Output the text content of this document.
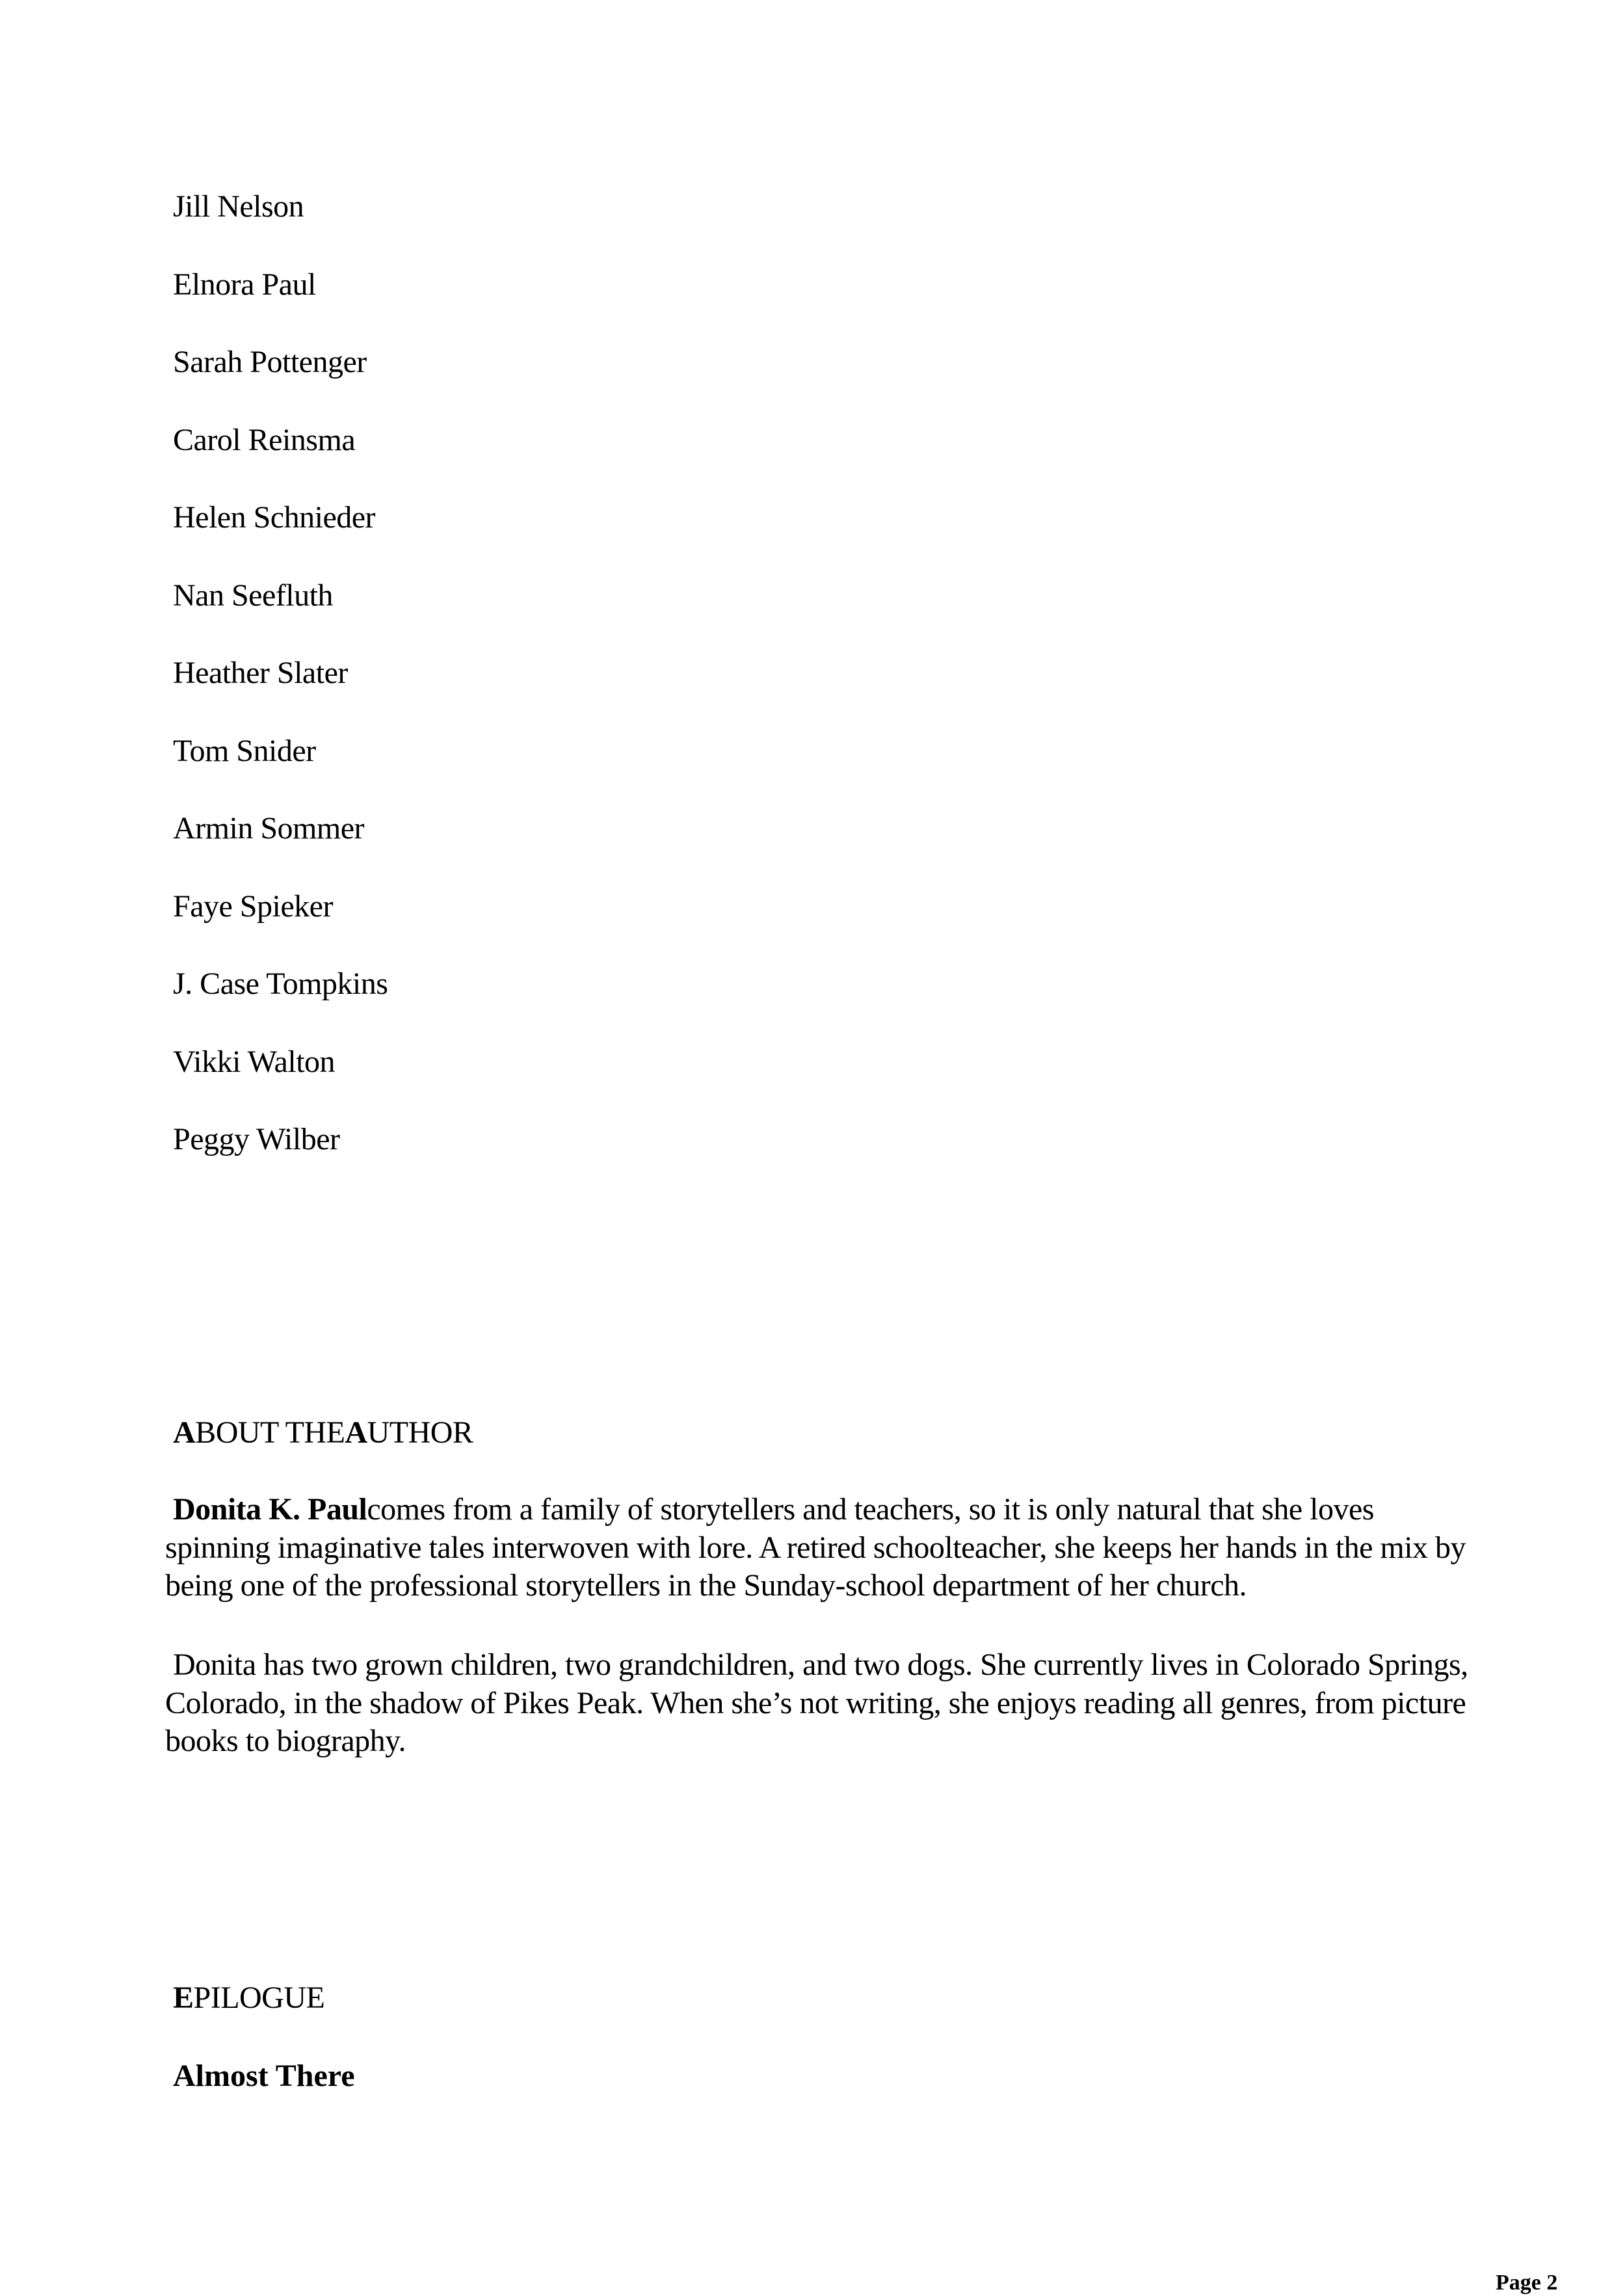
Jill Nelson
Elnora Paul
Sarah Pottenger
Carol Reinsma
Helen Schnieder
Nan Seefluth
Heather Slater
Tom Snider
Armin Sommer
Faye Spieker
J. Case Tompkins
Vikki Walton
Peggy Wilber
ABOUT THEAUTHOR

Donita K. Paulcomes from a family of storytellers and teachers, so it is only natural that she loves spinning imaginative tales interwoven with lore. A retired schoolteacher, she keeps her hands in the mix by being one of the professional storytellers in the Sunday-school department of her church.

Donita has two grown children, two grandchildren, and two dogs. She currently lives in Colorado Springs, Colorado, in the shadow of Pikes Peak. When she’s not writing, she enjoys reading all genres, from picture books to biography.

EPILOGUE
Almost There
Page 2
